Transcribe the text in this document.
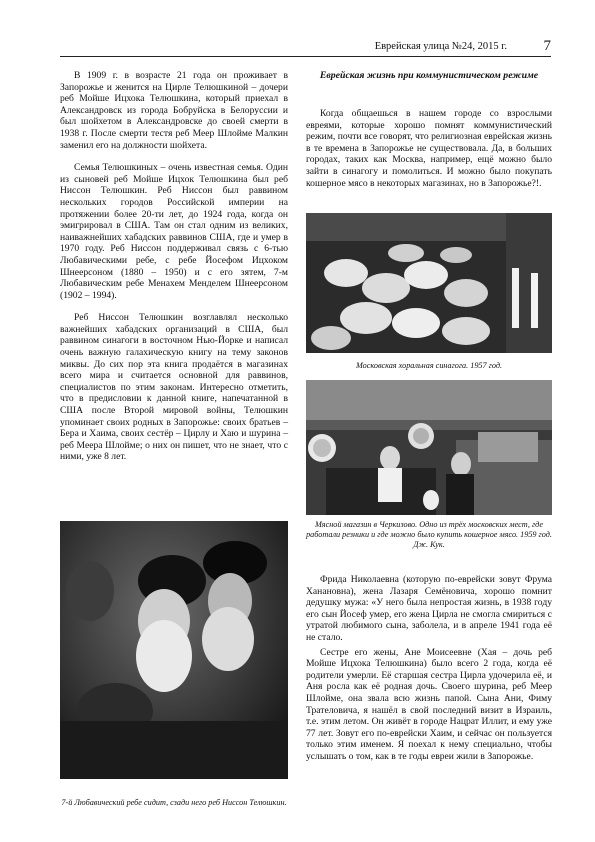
Еврейская улица №24, 2015 г. 7

В 1909 г. в возрасте 21 года он проживает в Запорожье и женится на Цирле Телюшкиной – дочери реб Мойше Ицхока Телюшкина, который приехал в Александровск из города Бобруйска в Белоруссии и был шойхетом в Александровске до своей смерти в 1938 г. После смерти тестя реб Меер Шлойме Малкин заменил его на должности шойхета.

Семья Телюшкиных – очень известная семья. Один из сыновей реб Мойше Ицхок Телюшкина был реб Ниссон Телюшкин. Реб Ниссон был раввином нескольких городов Российской империи на протяжении более 20-ти лет, до 1924 года, когда он эмигрировал в США. Там он стал одним из великих, наиважнейших хабадских раввинов США, где и умер в 1970 году. Реб Ниссон поддерживал связь с 6-тью Любавическими ребе, с ребе Йосефом Ицхоком Шнеерсоном (1880 – 1950) и с его зятем, 7-м Любавическим ребе Менахем Менделем Шнеерсоном (1902 – 1994).

Реб Ниссон Телюшкин возглавлял несколько важнейших хабадских организаций в США, был раввином синагоги в восточном Нью-Йорке и написал очень важную галахическую книгу на тему законов миквы. До сих пор эта книга продаётся в магазинах всего мира и считается основной для раввинов, специалистов по этим законам. Интересно отметить, что в предисловии к данной книге, напечатанной в США после Второй мировой войны, Телюшкин упоминает своих родных в Запорожье: своих братьев – Бера и Хаима, своих сестёр – Цирлу и Хаю и шурина – реб Меера Шлойме; о них он пишет, что не знает, что с ними, уже 8 лет.

7-й Любавический ребе сидит, сзади него реб Ниссон Телюшкин.
Еврейская жизнь при коммунистическом режиме

Когда общаешься в нашем городе со взрослыми евреями, которые хорошо помнят коммунистический режим, почти все говорят, что религиозная еврейская жизнь в те времена в Запорожье не существовала. Да, в больших городах, таких как Москва, например, ещё можно было зайти в синагогу и помолиться. И можно было покупать кошерное мясо в некоторых магазинах, но в Запорожье?!.

Московская хоральная синагога. 1957 год.
Мясной магазин в Черкизово. Одно из трёх московских мест, где работали резники и где можно было купить кошерное мясо. 1959 год. Дж. Кук.

Фрида Николаевна (которую по-еврейски зовут Фрума Ханановна), жена Лазаря Семёновича, хорошо помнит дедушку мужа: «У него была непростая жизнь, в 1938 году его сын Йосеф умер, его жена Цирла не смогла смириться с утратой любимого сына, заболела, и в апреле 1941 года её не стало.

Сестре его жены, Ане Моисеевне (Хая – дочь реб Мойше Ицхока Телюшкина) было всего 2 года, когда её родители умерли. Её старшая сестра Цирла удочерила её, и Аня росла как её родная дочь. Своего шурина, реб Меер Шлойме, она звала всю жизнь папой. Сына Ани, Фиму Трателовича, я нашёл в свой последний визит в Израиль, т.е. этим летом. Он живёт в городе Нацрат Иллит, и ему уже 77 лет. Зовут его по-еврейски Хаим, и сейчас он пользуется только этим именем. Я поехал к нему специально, чтобы услышать о том, как в те годы евреи жили в Запорожье.
